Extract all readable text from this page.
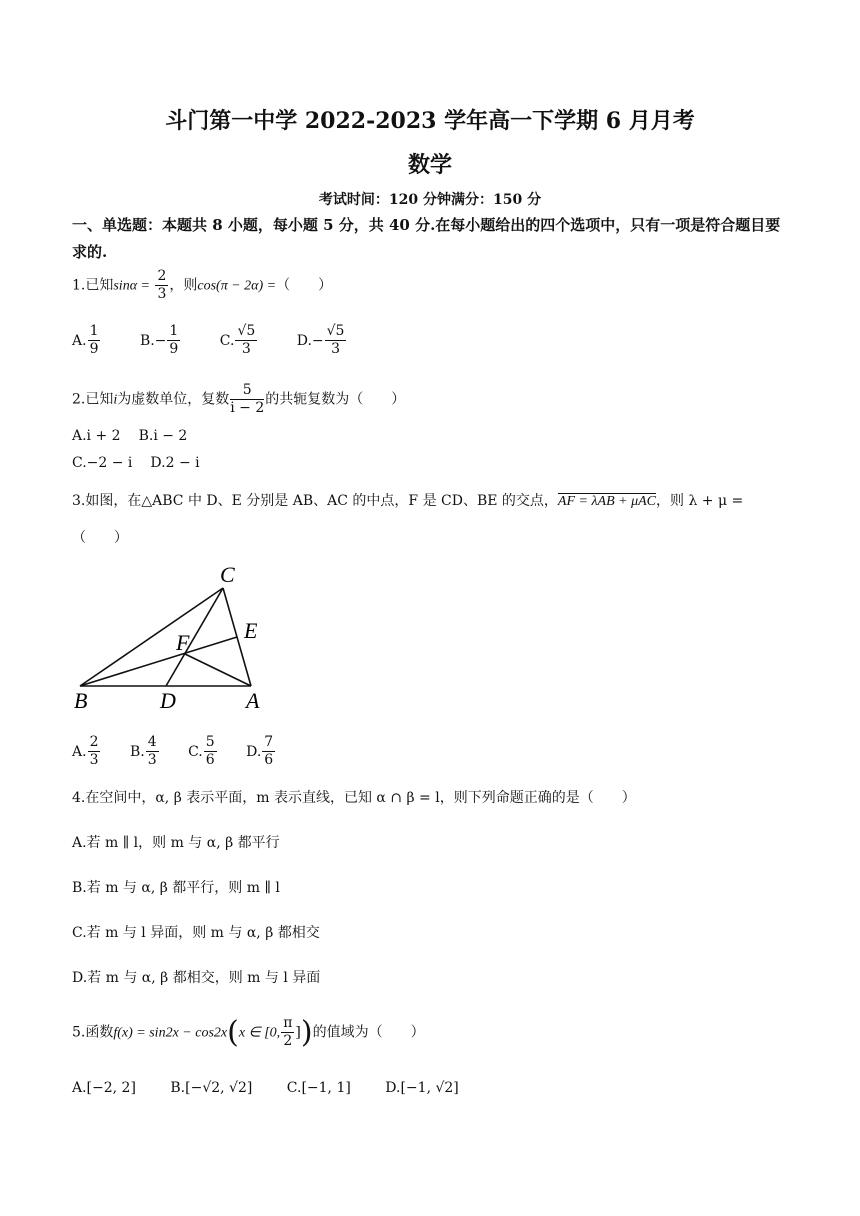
斗门第一中学 2022-2023 学年高一下学期 6 月月考
数学
考试时间：120 分钟满分：150 分
一、单选题：本题共 8 小题，每小题 5 分，共 40 分.在每小题给出的四个选项中，只有一项是符合题目要求的.
1.已知$\sin\alpha = \frac{2}{3}$ ，则cos(π − 2α) =（　　）
A. $\frac{1}{9}$	$B.- \frac{1}{9}$	C. $\frac{√5}{3}$	$D.- \frac{√5}{3}$
2.已知i为虚数单位，复数 $\frac{5}{i - 2}$ 的共轭复数为（　　）
A.i + 2 B.i − 2
C.−2 − i D.2 − i
3.如图，在△ABC 中 D、E 分别是 AB、AC 的中点，F 是 CD、BE 的交点，AF = λAB + μAC，则 λ + μ =
（　　）
C
E
F
B	D	A
A. $\frac{2}{3} B$. $\frac{4}{3} C$. $\frac{5}{6} D$. $\frac{7}{6}$
4.在空间中，α, β 表示平面，m 表示直线，已知 α ∩ β = l，则下列命题正确的是（　　）
A.若 m ∥ l，则 m 与 α, β 都平行
B.若 m 与 α, β 都平行，则 m ∥ l
C.若 m 与 l 异面，则 m 与 α, β 都相交
D.若 m 与 α, β 都相交，则 m 与 l 异面
5.函数f(x) = sin2x − cos2x(x ∈ [0, $\frac{\pi}{2}$ ])的值域为（　　）
A.[−2, 2] B.[−√2, √2] C.[−1, 1] D.[−1, √2]
